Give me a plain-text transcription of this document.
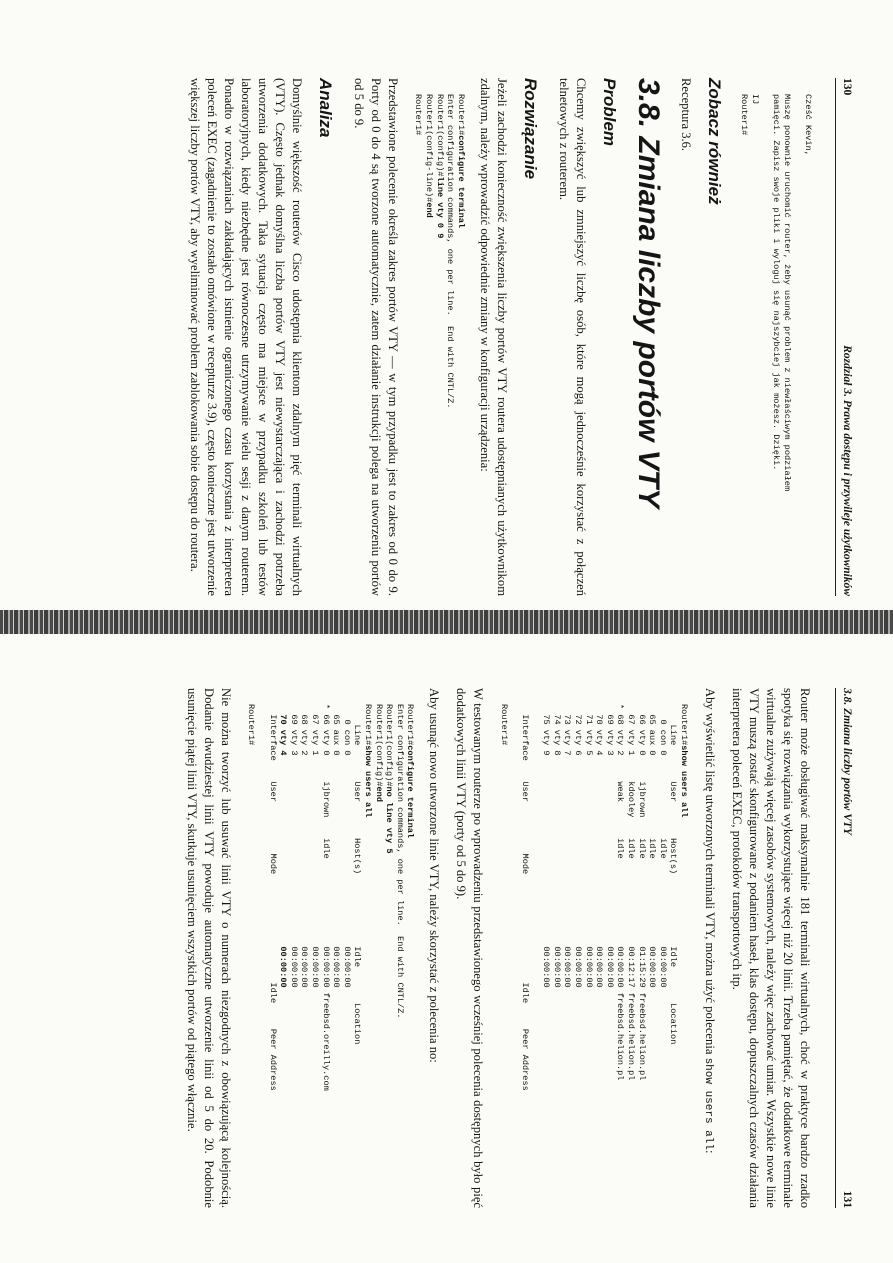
130
Rozdział 3. Prawa dostępu i przywileje użytkowników
Cześć Kevin,

Muszę ponownie uruchomić router, żeby usunąć problem z niewłaściwym podziałem
pamięci. Zapisz swoje pliki i wyloguj się najszybciej jak możesz. Dzięki.

IJ
Router1#
Zobacz również

Receptura 3.6.

3.8. Zmiana liczby portów VTY
Problem

Chcemy zwiększyć lub zmniejszyć liczbę osób, które mogą jednocześnie korzystać z połączeń telnetowych z routerem.

Rozwiązanie

Jeżeli zachodzi konieczność zwiększenia liczby portów VTY routera udostępnianych użytkownikom zdalnym, należy wprowadzić odpowiednie zmiany w konfiguracji urządzenia:

Router1#configure terminal
Enter configuration commands, one per line.  End with CNTL/Z.
Router1(config)#line vty 0 9
Router1(config-line)#end
Router1#

Przedstawione polecenie określa zakres portów VTY — w tym przypadku jest to zakres od 0 do 9. Porty od 0 do 4 są tworzone automatycznie, zatem działanie instrukcji polega na utworzeniu portów od 5 do 9.

Analiza

Domyślnie większość routerów Cisco udostępnia klientom zdalnym pięć terminali wirtualnych (VTY). Często jednak domyślna liczba portów VTY jest niewystarczająca i zachodzi potrzeba utworzenia dodatkowych. Taka sytuacja często ma miejsce w przypadku szkoleń lub testów laboratoryjnych, kiedy niezbędne jest równoczesne utrzymywanie wielu sesji z danym routerem. Ponadto w rozwiązaniach zakładających istnienie ograniczonego czasu korzystania z interpretera poleceń EXEC (zagadnienie to zostało omówione w recepturze 3.9), często konieczne jest utworzenie większej liczby portów VTY, aby wyeliminować problem zablokowania sobie dostępu do routera.

3.8. Zmiana liczby portów VTY
131

Router może obsługiwać maksymalnie 181 terminali wirtualnych, choć w praktyce bardzo rzadko spotyka się rozwiązania wykorzystujące więcej niż 20 linii. Trzeba pamiętać, że dodatkowe terminale wirtualne zużywają więcej zasobów systemowych, należy więc zachować umiar. Wszystkie nowe linie VTY muszą zostać skonfigurowane z podaniem haseł, klas dostępu, dopuszczalnych czasów działania interpretera poleceń EXEC, protokołów transportowych itp.

Aby wyświetlić listę utworzonych terminali VTY, można użyć polecenia show users all:

Router1#show users all
Line       User       Host(s)              Idle       Location
0 con 0                idle                 00:00:00
65 aux 0                idle                 00:00:00
66 vty 0     ijbrown    idle                 01:15:29 freebsd.helion.pl
67 vty 1     kdooley    idle                 00:12:17 freebsd.helion.pl
* 68 vty 2     weak       idle                 00:00:00 freebsd.helion.pl
69 vty 3                                     00:00:00
70 vty 4                                     00:00:00
71 vty 5                                     00:00:00
72 vty 6                                     00:00:00
73 vty 7                                     00:00:00
74 vty 8                                     00:00:00
75 vty 9                                     00:00:00

Interface    User          Mode                     Idle     Peer Address

Router1#

W testowanym routerze po wprowadzeniu przedstawionego wcześniej polecenia dostępnych było pięć dodatkowych linii VTY (porty od 5 do 9).

Aby usunąć nowo utworzone linie VTY, należy skorzystać z polecenia no:

Router1#configure terminal
Enter configuration commands, one per line.  End with CNTL/Z.
Router1(config)#no line vty 5
Router1(config)#end
Router1#show users all
Line       User       Host(s)              Idle       Location
0 con 0                                     00:00:00
65 aux 0                                     00:00:00
* 66 vty 0     ijbrown    idle                 00:00:00 freebsd.oreilly.com
67 vty 1                                     00:00:00
68 vty 2                                     00:00:00
69 vty 3                                     00:00:00
70 vty 4                                     00:00:00
Interface    User          Mode                     Idle     Peer Address

Router1#

Nie można tworzyć lub usuwać linii VTY o numerach niezgodnych z obowiązującą kolejnością. Dodanie dwudziestej linii VTY powoduje automatyczne utworzenie linii od 5 do 20. Podobnie usunięcie piątej linii VTY, skutkuje usunięciem wszystkich portów od piątego włącznie.
